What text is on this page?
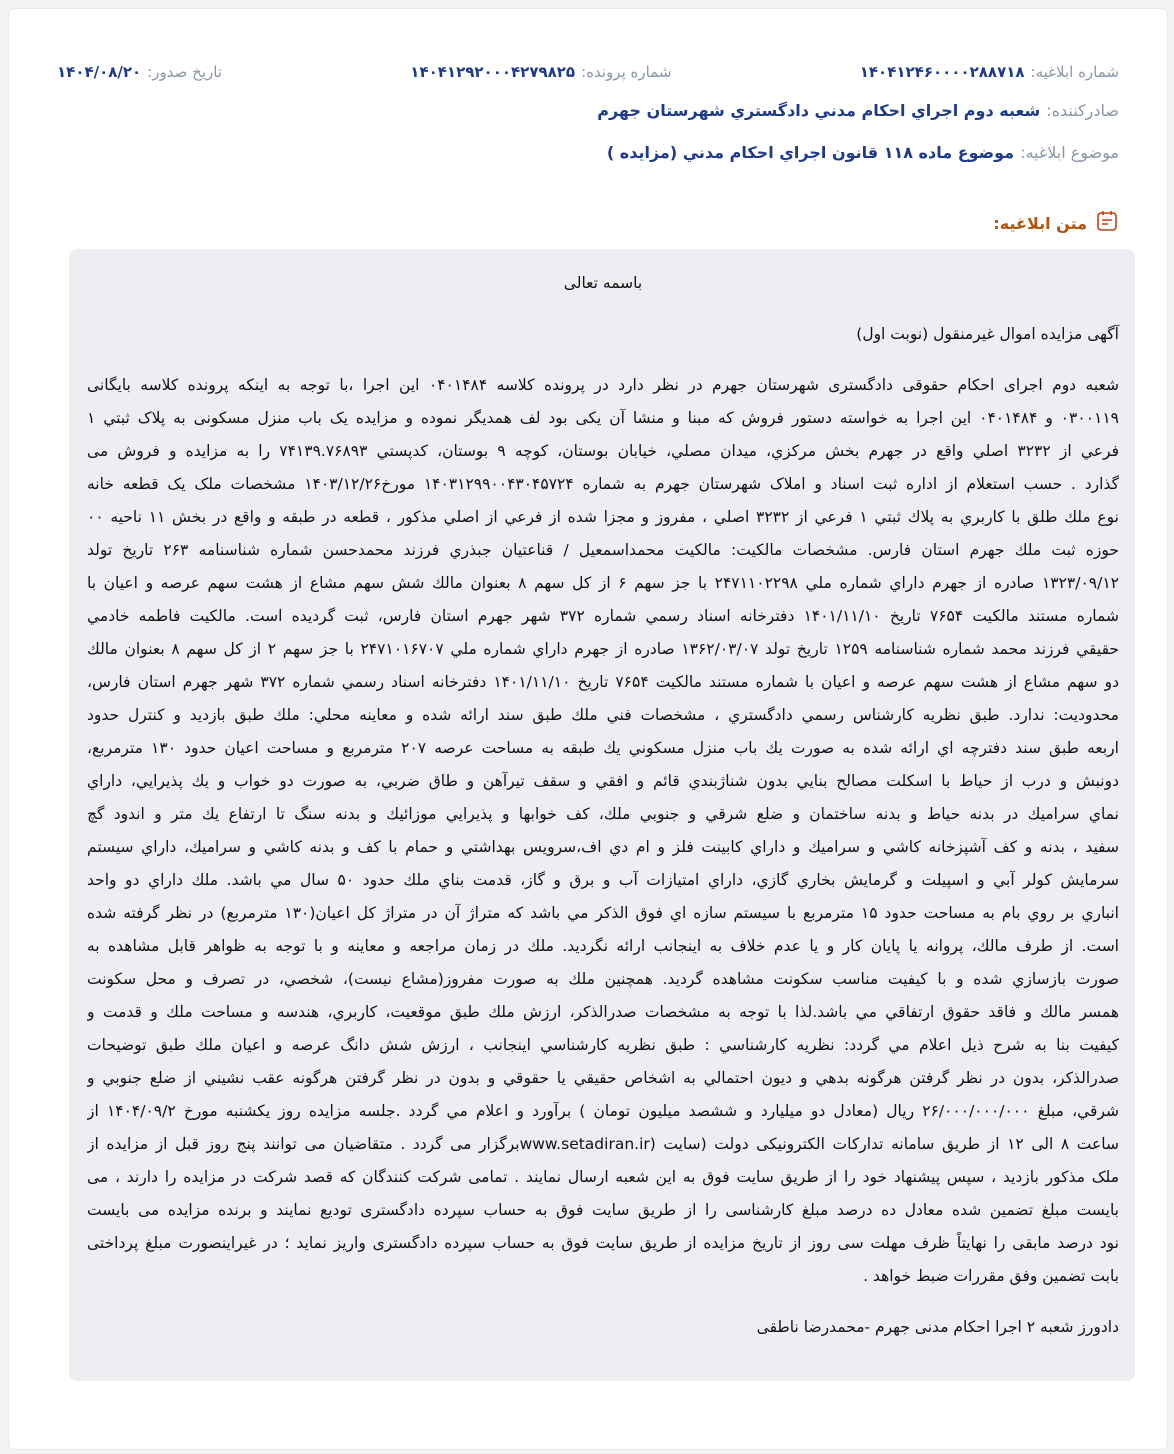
شماره ابلاغیه:
۱۴۰۴۱۲۴۶۰۰۰۰۲۸۸۷۱۸
شماره پرونده:
۱۴۰۴۱۲۹۲۰۰۰۴۲۷۹۸۲۵
تاریخ صدور:
۱۴۰۴/۰۸/۲۰
صادرکننده:
شعبه دوم اجراي احكام مدني دادگستري شهرستان جهرم
موضوع ابلاغیه:
موضوع ماده ۱۱۸ قانون اجراي احكام مدني (مزايده )
متن ابلاغیه:
باسمه تعالی
آگهی مزایده اموال غیرمنقول (نوبت اول)
شعبه دوم اجرای احکام حقوقی دادگستری شهرستان جهرم در نظر دارد در پرونده کلاسه ۰۴۰۱۴۸۴ این اجرا ،با توجه به اینکه پرونده کلاسه بایگانی
۰۳۰۰۱۱۹ و ۰۴۰۱۴۸۴ این اجرا به خواسته دستور فروش که مبنا و منشا آن یکی بود لف همدیگر نموده و مزایده یک باب منزل مسکونی به پلاک ثبتي ۱
فرعي از ۳۲۳۲ اصلي واقع در جهرم بخش مركزي، ميدان مصلي، خيابان بوستان، كوچه ۹ بوستان، كدپستي ۷۴۱۳۹.۷۶۸۹۳ را به مزایده و فروش می
گذارد . حسب استعلام از اداره ثبت اسناد و املاک شهرستان جهرم به شماره ۱۴۰۳۱۲۹۹۰۰۴۳۰۴۵۷۲۴ مورخ۱۴۰۳/۱۲/۲۶ مشخصات ملک یک قطعه خانه
نوع ملك طلق با كاربري به پلاك ثبتي ۱ فرعي از ۳۲۳۲ اصلي ، مفروز و مجزا شده از فرعي از اصلي مذكور ، قطعه در طبقه و واقع در بخش ۱۱ ناحيه ۰۰
حوزه ثبت ملك جهرم استان فارس. مشخصات مالكيت: مالكيت محمداسمعيل / قناعتيان جبذري فرزند محمدحسن شماره شناسنامه ۲۶۳ تاريخ تولد
۱۳۲۳/۰۹/۱۲ صادره از جهرم داراي شماره ملي ۲۴۷۱۱۰۲۲۹۸ با جز سهم ۶ از كل سهم ۸ بعنوان مالك شش سهم مشاع از هشت سهم عرصه و اعيان با
شماره مستند مالكيت ۷۶۵۴ تاريخ ۱۴۰۱/۱۱/۱۰ دفترخانه اسناد رسمي شماره ۳۷۲ شهر جهرم استان فارس، ثبت گرديده است. مالكيت فاطمه خادمي
حقيقي فرزند محمد شماره شناسنامه ۱۲۵۹ تاريخ تولد ۱۳۶۲/۰۳/۰۷ صادره از جهرم داراي شماره ملي ۲۴۷۱۰۱۶۷۰۷ با جز سهم ۲ از كل سهم ۸ بعنوان مالك
دو سهم مشاع از هشت سهم عرصه و اعيان با شماره مستند مالكيت ۷۶۵۴ تاريخ ۱۴۰۱/۱۱/۱۰ دفترخانه اسناد رسمي شماره ۳۷۲ شهر جهرم استان فارس،
محدوديت: ندارد. طبق نظريه كارشناس رسمي دادگستري ، مشخصات فني ملك طبق سند ارائه شده و معاينه محلي: ملك طبق بازديد و كنترل حدود
اربعه طبق سند دفترچه اي ارائه شده به صورت يك باب منزل مسكوني يك طبقه به مساحت عرصه ۲۰۷ مترمربع و مساحت اعيان حدود ۱۳۰ مترمربع،
دونبش و درب از حياط با اسكلت مصالح بنايي بدون شناژبندي قائم و افقي و سقف تيرآهن و طاق ضربي، به صورت دو خواب و يك پذيرايي، داراي
نماي سراميك در بدنه حياط و بدنه ساختمان و ضلع شرقي و جنوبي ملك، كف خوابها و پذيرايي موزائيك و بدنه سنگ تا ارتفاع يك متر و اندود گچ
سفيد ، بدنه و كف آشپزخانه كاشي و سراميك و داراي كابينت فلز و ام دي اف،سرويس بهداشتي و حمام با كف و بدنه كاشي و سراميك، داراي سيستم
سرمايش كولر آبي و اسپيلت و گرمايش بخاري گازي، داراي امتيازات آب و برق و گاز، قدمت بناي ملك حدود ۵۰ سال مي باشد. ملك داراي دو واحد
انباري بر روي بام به مساحت حدود ۱۵ مترمربع با سيستم سازه اي فوق الذكر مي باشد كه متراژ آن در متراژ كل اعيان(۱۳۰ مترمربع) در نظر گرفته شده
است. از طرف مالك، پروانه يا پايان كار و يا عدم خلاف به اينجانب ارائه نگرديد. ملك در زمان مراجعه و معاينه و با توجه به ظواهر قابل مشاهده به
صورت بازسازي شده و با كيفيت مناسب سكونت مشاهده گرديد. همچنين ملك به صورت مفروز(مشاع نيست)، شخصي، در تصرف و محل سكونت
همسر مالك و فاقد حقوق ارتفاقي مي باشد.لذا با توجه به مشخصات صدرالذكر، ارزش ملك طبق موقعيت، كاربري، هندسه و مساحت ملك و قدمت و
كيفيت بنا به شرح ذيل اعلام مي گردد: نظريه كارشناسي : طبق نظريه كارشناسي اينجانب ، ارزش شش دانگ عرصه و اعيان ملك طبق توضيحات
صدرالذكر، بدون در نظر گرفتن هرگونه بدهي و ديون احتمالي به اشخاص حقيقي يا حقوقي و بدون در نظر گرفتن هرگونه عقب نشيني از ضلع جنوبي و
شرقي، مبلغ ۲۶/۰۰۰/۰۰۰/۰۰۰ ريال (معادل دو ميليارد و ششصد ميليون تومان ) برآورد و اعلام مي گردد .جلسه مزایده روز یکشنبه مورخ ۱۴۰۴/۰۹/۲ از
ساعت ۸ الی ۱۲ از طریق سامانه تدارکات الکترونیکی دولت (سایت (www.setadiran.irبرگزار می گردد . متقاضیان می توانند پنج روز قبل از مزایده از
ملک مذکور بازدید ، سپس پیشنهاد خود را از طریق سایت فوق به این شعبه ارسال نمایند . تمامی شرکت کنندگان که قصد شرکت در مزایده را دارند ، می
بایست مبلغ تضمین شده معادل ده درصد مبلغ کارشناسی را از طریق سایت فوق به حساب سپرده دادگستری تودیع نمایند و برنده مزایده می بایست
نود درصد مابقی را نهایتاً ظرف مهلت سی روز از تاریخ مزایده از طریق سایت فوق به حساب سپرده دادگستری واریز نماید ؛ در غیراینصورت مبلغ پرداختی
بابت تضمین وفق مقررات ضبط خواهد .
دادورز شعبه ۲ اجرا احکام مدنی جهرم -محمدرضا ناطقی
